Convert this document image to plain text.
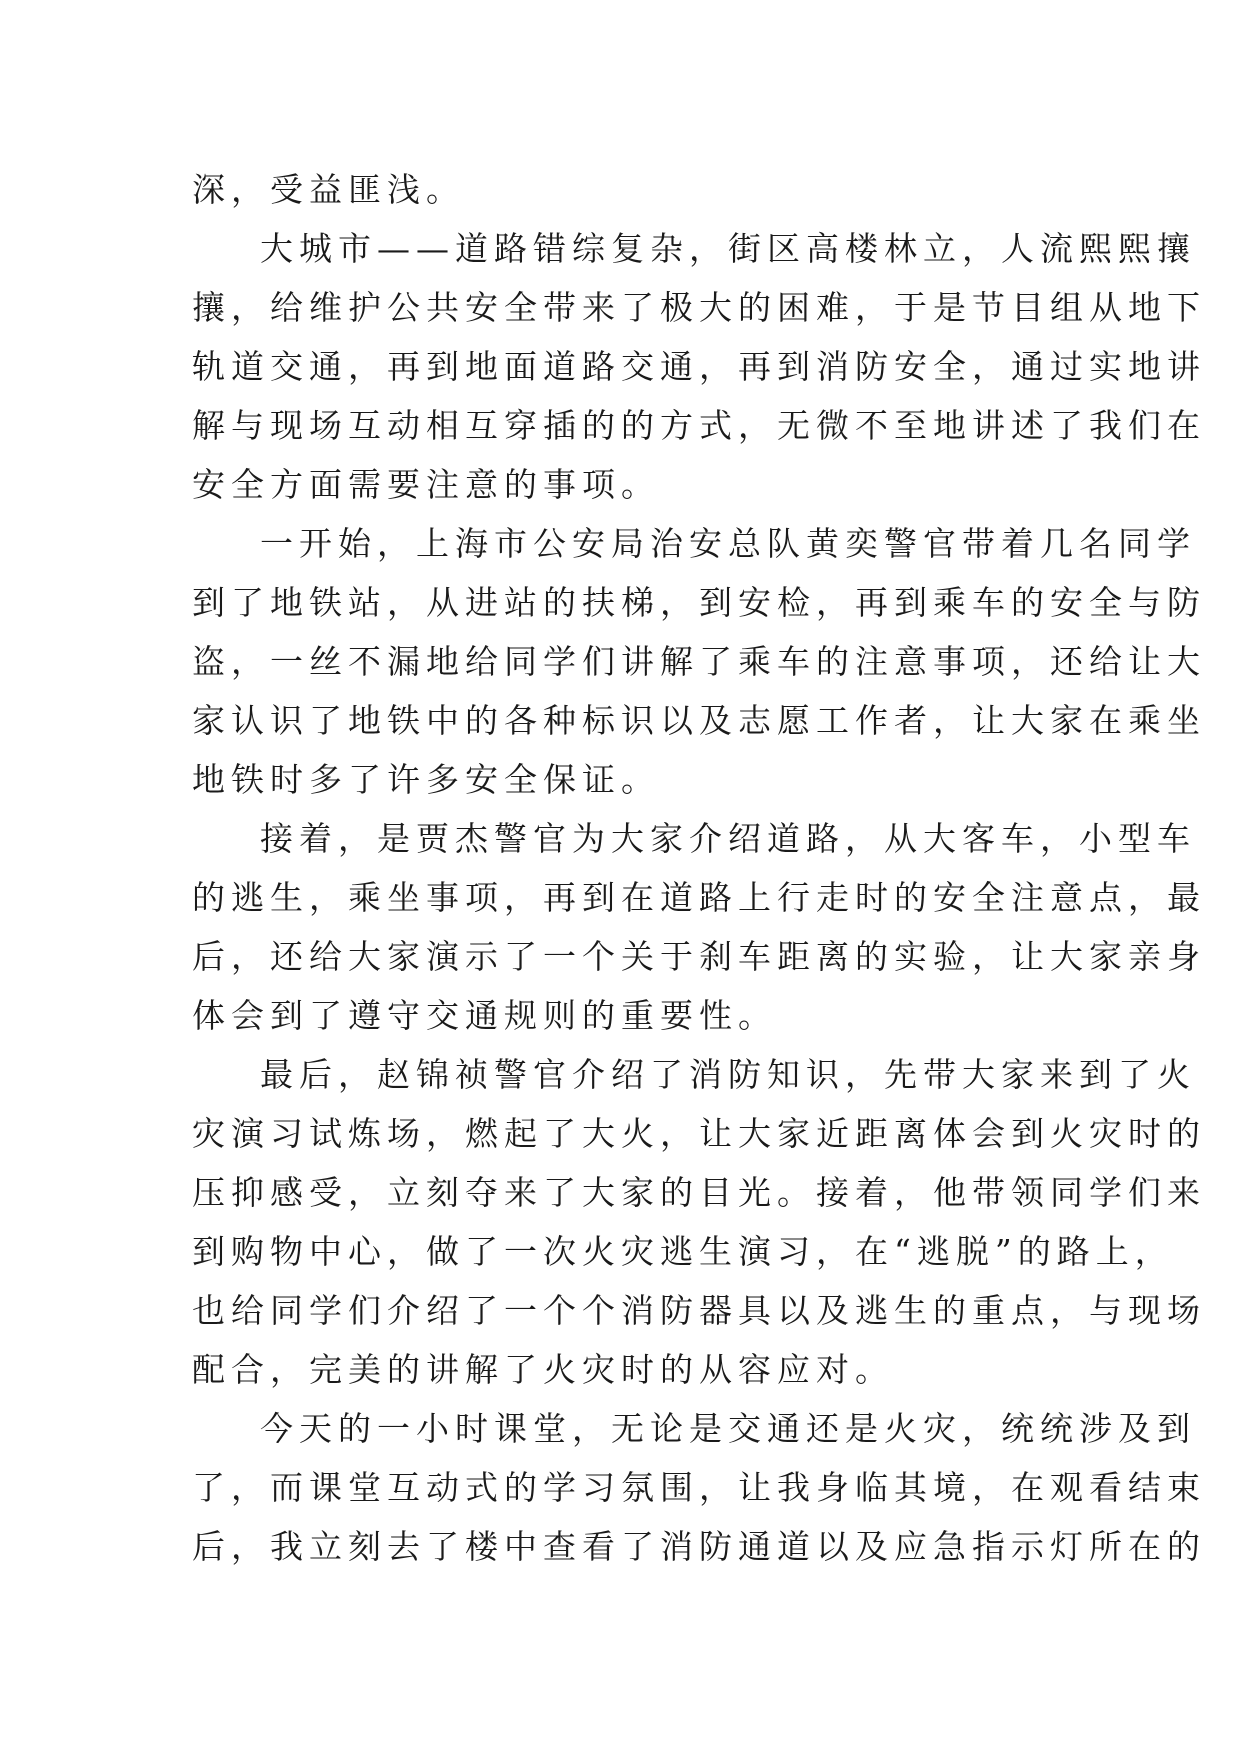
深，受益匪浅。
大城市——道路错综复杂，街区高楼林立，人流熙熙攘
攘，给维护公共安全带来了极大的困难，于是节目组从地下
轨道交通，再到地面道路交通，再到消防安全，通过实地讲
解与现场互动相互穿插的的方式，无微不至地讲述了我们在
安全方面需要注意的事项。
一开始，上海市公安局治安总队黄奕警官带着几名同学
到了地铁站，从进站的扶梯，到安检，再到乘车的安全与防
盗，一丝不漏地给同学们讲解了乘车的注意事项，还给让大
家认识了地铁中的各种标识以及志愿工作者，让大家在乘坐
地铁时多了许多安全保证。
接着，是贾杰警官为大家介绍道路，从大客车，小型车
的逃生，乘坐事项，再到在道路上行走时的安全注意点，最
后，还给大家演示了一个关于刹车距离的实验，让大家亲身
体会到了遵守交通规则的重要性。
最后，赵锦祯警官介绍了消防知识，先带大家来到了火
灾演习试炼场，燃起了大火，让大家近距离体会到火灾时的
压抑感受，立刻夺来了大家的目光。接着，他带领同学们来
到购物中心，做了一次火灾逃生演习，在“逃脱”的路上，
也给同学们介绍了一个个消防器具以及逃生的重点，与现场
配合，完美的讲解了火灾时的从容应对。
今天的一小时课堂，无论是交通还是火灾，统统涉及到
了，而课堂互动式的学习氛围，让我身临其境，在观看结束
后，我立刻去了楼中查看了消防通道以及应急指示灯所在的
